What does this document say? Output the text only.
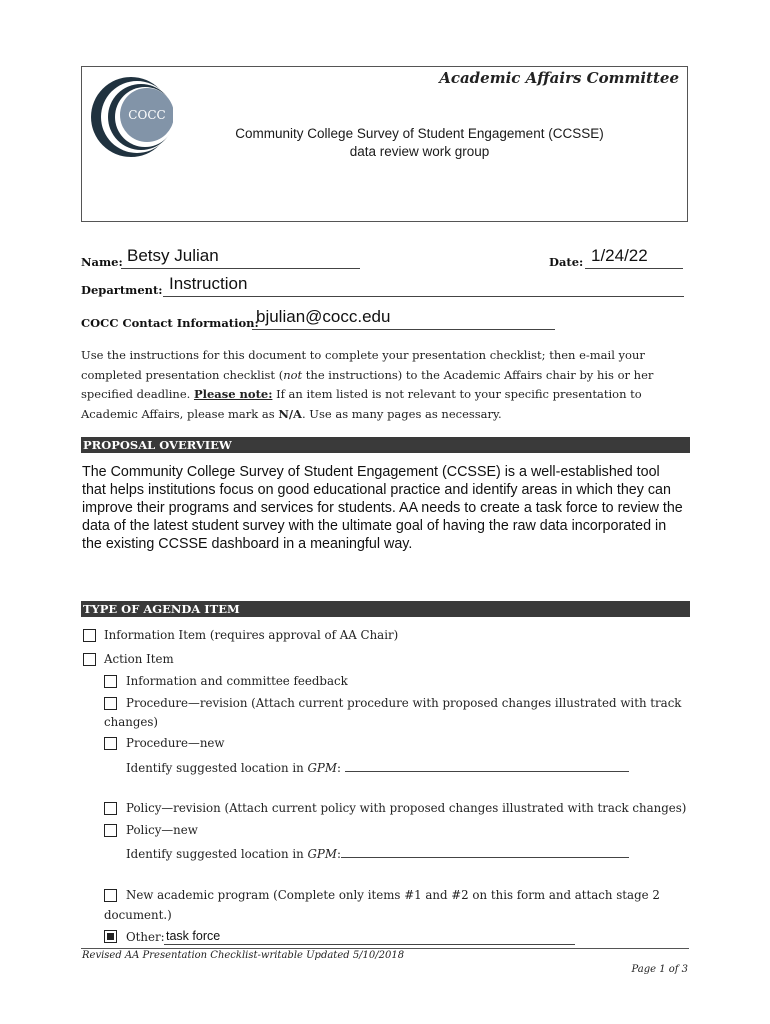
Academic Affairs Committee
COCC
Community College Survey of Student Engagement (CCSSE)
data review work group
Name: Betsy Julian	Date: 1/24/22
Department: Instruction
COCC Contact Information:
bjulian@cocc.edu
Use the instructions for this document to complete your presentation checklist; then e-mail your completed presentation checklist (not the instructions) to the Academic Affairs chair by his or her specified deadline. Please note: If an item listed is not relevant to your specific presentation to Academic Affairs, please mark as N/A. Use as many pages as necessary.
PROPOSAL OVERVIEW
The Community College Survey of Student Engagement (CCSSE) is a well-established tool that helps institutions focus on good educational practice and identify areas in which they can improve their programs and services for students. AA needs to create a task force to review the data of the latest student survey with the ultimate goal of having the raw data incorporated in the existing CCSSE dashboard in a meaningful way.
TYPE OF AGENDA ITEM
Information Item (requires approval of AA Chair)
Action Item
Information and committee feedback
Procedure—revision (Attach current procedure with proposed changes illustrated with track
changes)
Procedure—new
Identify suggested location in GPM:
Policy—revision (Attach current policy with proposed changes illustrated with track changes)
Policy—new
Identify suggested location in GPM:
New academic program (Complete only items #1 and #2 on this form and attach stage 2
document.)
Other: task force
Revised AA Presentation Checklist-writable Updated 5/10/2018
Page 1 of 3
